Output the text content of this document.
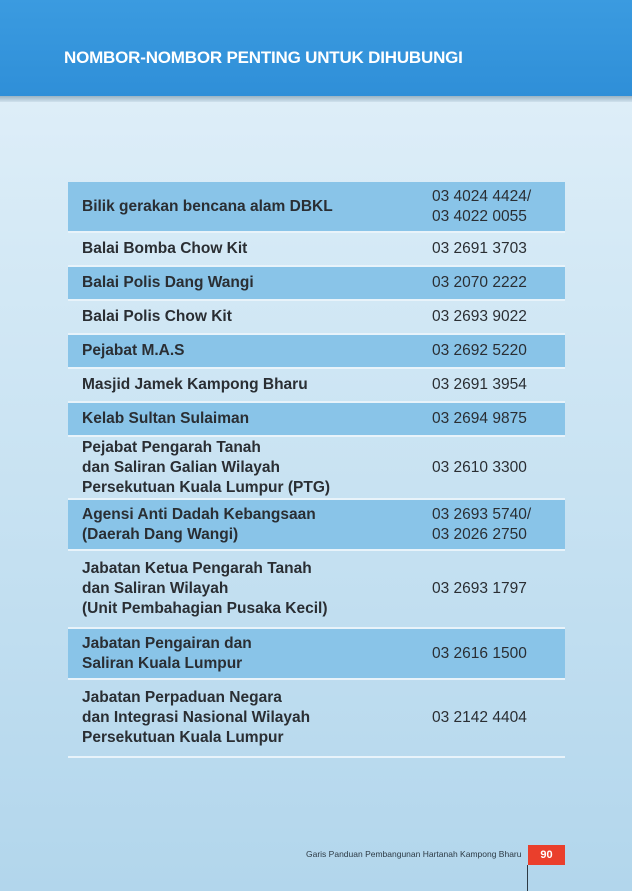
NOMBOR-NOMBOR PENTING UNTUK DIHUBUNGI
Bilik gerakan bencana alam DBKL
03 4024 4424/
03 4022 0055
Balai Bomba Chow Kit	03 2691 3703
Balai Polis Dang Wangi	03 2070 2222
Balai Polis Chow Kit	03 2693 9022
Pejabat M.A.S	03 2692 5220
Masjid Jamek Kampong Bharu	03 2691 3954
Kelab Sultan Sulaiman	03 2694 9875
Pejabat Pengarah Tanah
dan Saliran Galian Wilayah
Persekutuan Kuala Lumpur (PTG)
03 2610 3300
Agensi Anti Dadah Kebangsaan
(Daerah Dang Wangi)
03 2693 5740/
03 2026 2750
Jabatan Ketua Pengarah Tanah
dan Saliran Wilayah
(Unit Pembahagian Pusaka Kecil)
03 2693 1797
Jabatan Pengairan dan
Saliran Kuala Lumpur
03 2616 1500
Jabatan Perpaduan Negara
dan Integrasi Nasional Wilayah
Persekutuan Kuala Lumpur
03 2142 4404
Garis Panduan Pembangunan Hartanah Kampong Bharu 90
